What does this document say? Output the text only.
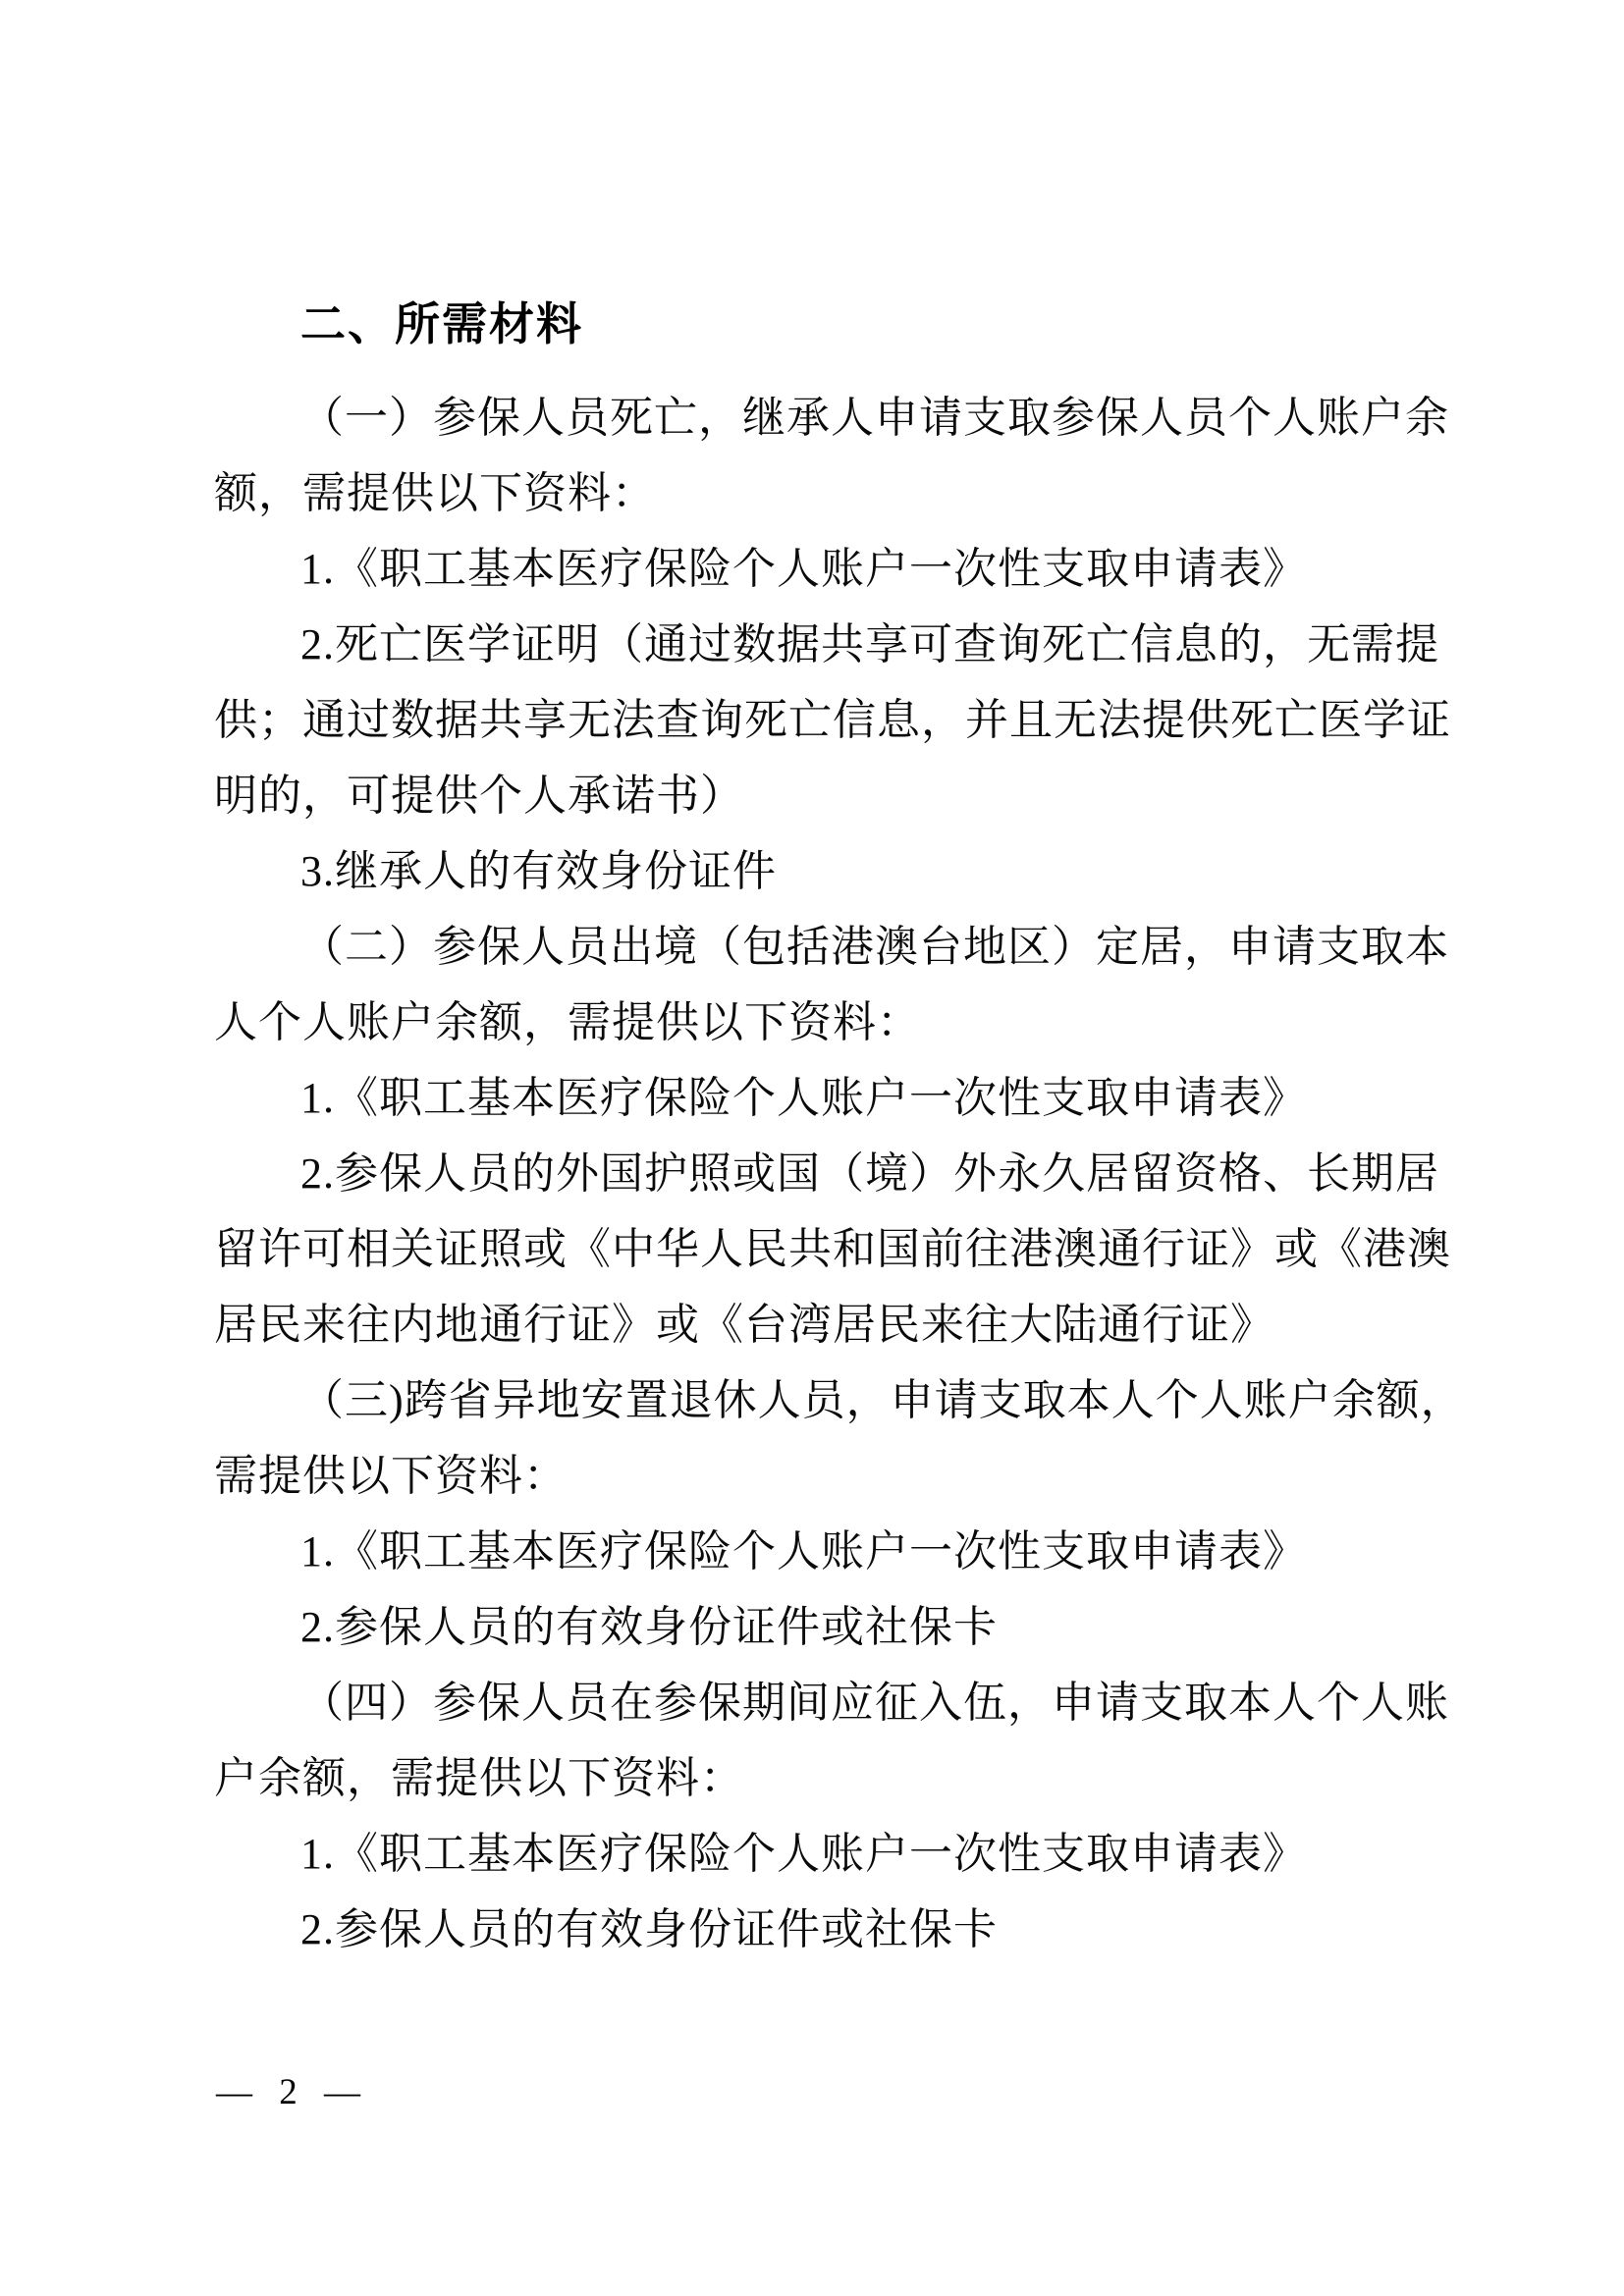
二、所需材料
（一）参保人员死亡，继承人申请支取参保人员个人账户余
额，需提供以下资料：
1.《职工基本医疗保险个人账户一次性支取申请表》
2.死亡医学证明（通过数据共享可查询死亡信息的，无需提
供；通过数据共享无法查询死亡信息，并且无法提供死亡医学证
明的，可提供个人承诺书）
3.继承人的有效身份证件
（二）参保人员出境（包括港澳台地区）定居，申请支取本
人个人账户余额，需提供以下资料：
1.《职工基本医疗保险个人账户一次性支取申请表》
2.参保人员的外国护照或国（境）外永久居留资格、长期居
留许可相关证照或《中华人民共和国前往港澳通行证》或《港澳
居民来往内地通行证》或《台湾居民来往大陆通行证》
（三)跨省异地安置退休人员，申请支取本人个人账户余额，
需提供以下资料：
1.《职工基本医疗保险个人账户一次性支取申请表》
2.参保人员的有效身份证件或社保卡
（四）参保人员在参保期间应征入伍，申请支取本人个人账
户余额，需提供以下资料：
1.《职工基本医疗保险个人账户一次性支取申请表》
2.参保人员的有效身份证件或社保卡
— 2 —
